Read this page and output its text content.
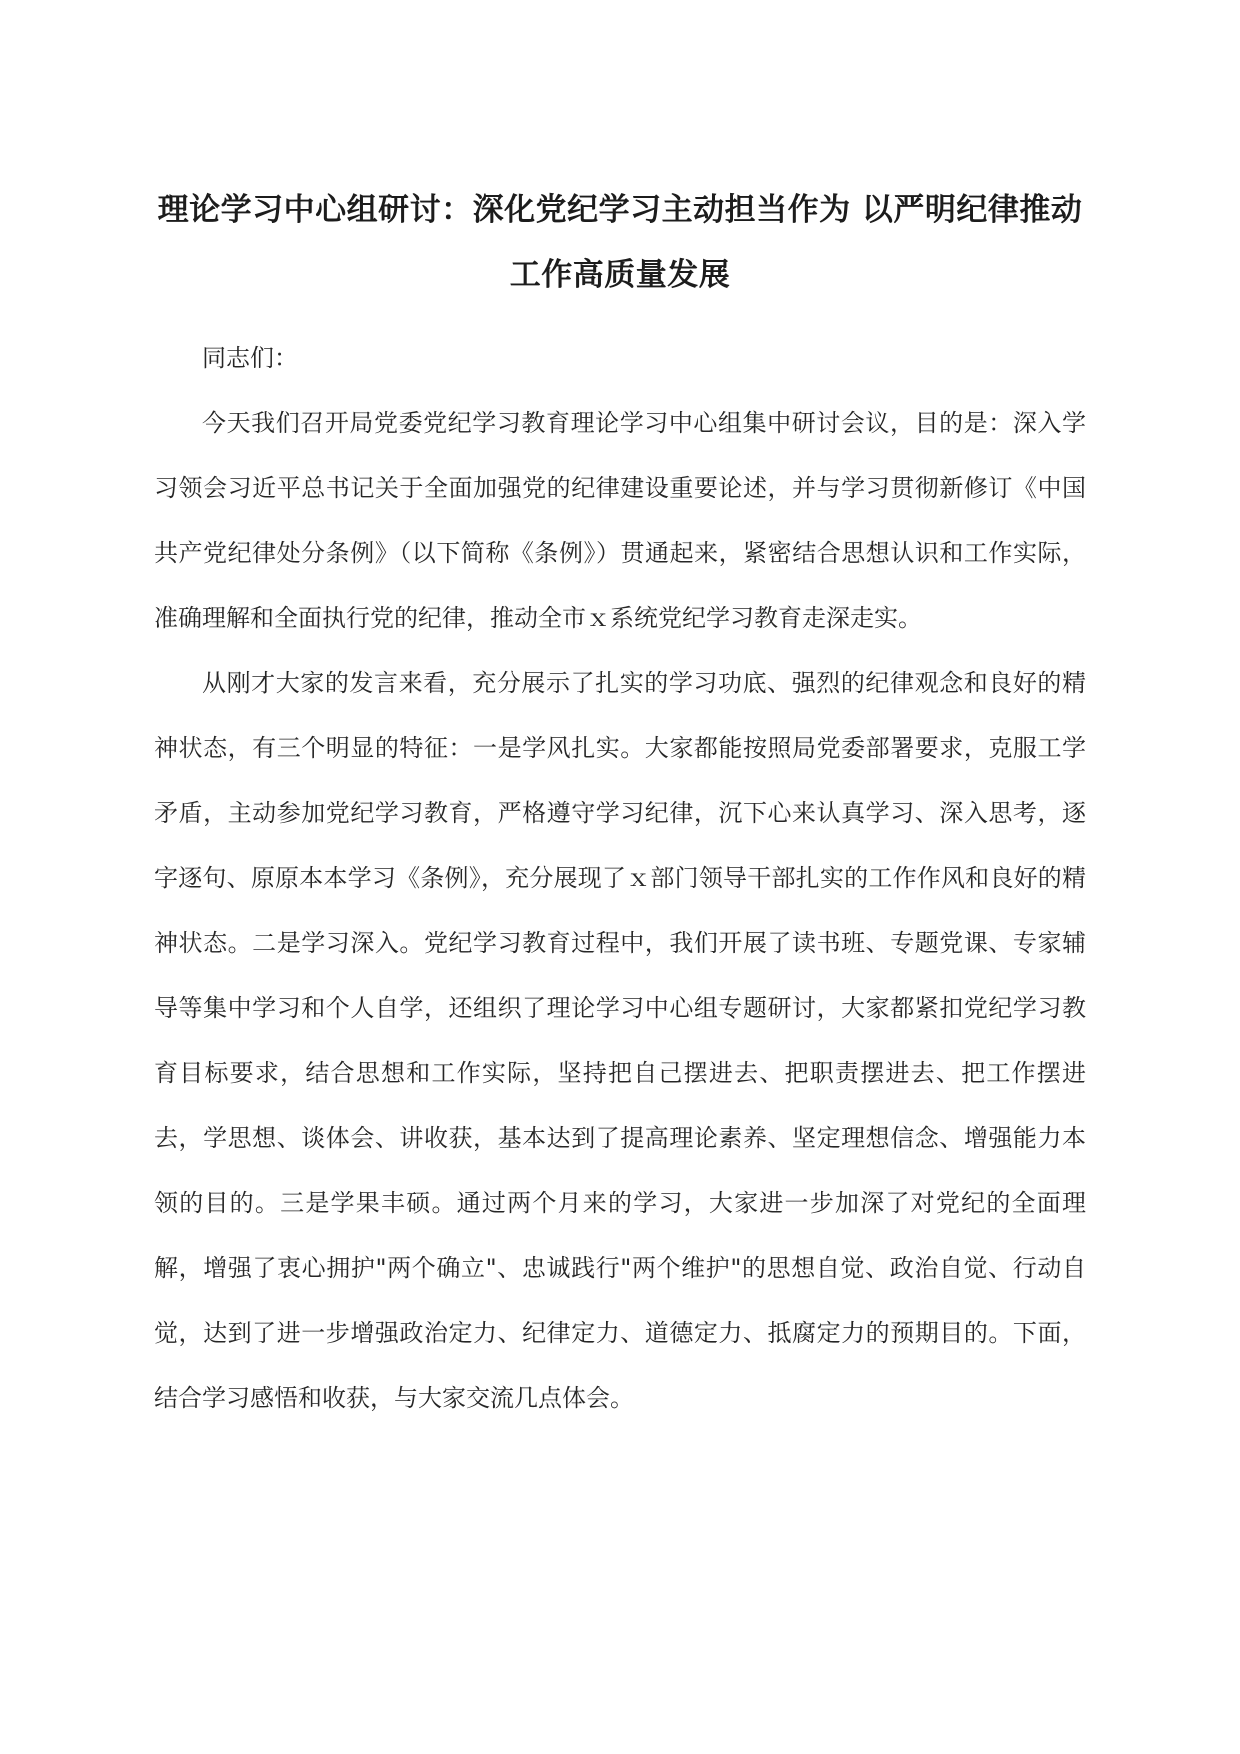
理论学习中心组研讨：深化党纪学习主动担当作为 以严明纪律推动工作高质量发展

同志们：

今天我们召开局党委党纪学习教育理论学习中心组集中研讨会议，目的是：深入学习领会习近平总书记关于全面加强党的纪律建设重要论述，并与学习贯彻新修订《中国共产党纪律处分条例》（以下简称《条例》）贯通起来，紧密结合思想认识和工作实际，准确理解和全面执行党的纪律，推动全市ｘ系统党纪学习教育走深走实。

从刚才大家的发言来看，充分展示了扎实的学习功底、强烈的纪律观念和良好的精神状态，有三个明显的特征：一是学风扎实。大家都能按照局党委部署要求，克服工学矛盾，主动参加党纪学习教育，严格遵守学习纪律，沉下心来认真学习、深入思考，逐字逐句、原原本本学习《条例》，充分展现了ｘ部门领导干部扎实的工作作风和良好的精神状态。二是学习深入。党纪学习教育过程中，我们开展了读书班、专题党课、专家辅导等集中学习和个人自学，还组织了理论学习中心组专题研讨，大家都紧扣党纪学习教育目标要求，结合思想和工作实际，坚持把自己摆进去、把职责摆进去、把工作摆进去，学思想、谈体会、讲收获，基本达到了提高理论素养、坚定理想信念、增强能力本领的目的。三是学果丰硕。通过两个月来的学习，大家进一步加深了对党纪的全面理解，增强了衷心拥护"两个确立"、忠诚践行"两个维护"的思想自觉、政治自觉、行动自觉，达到了进一步增强政治定力、纪律定力、道德定力、抵腐定力的预期目的。下面，结合学习感悟和收获，与大家交流几点体会。
